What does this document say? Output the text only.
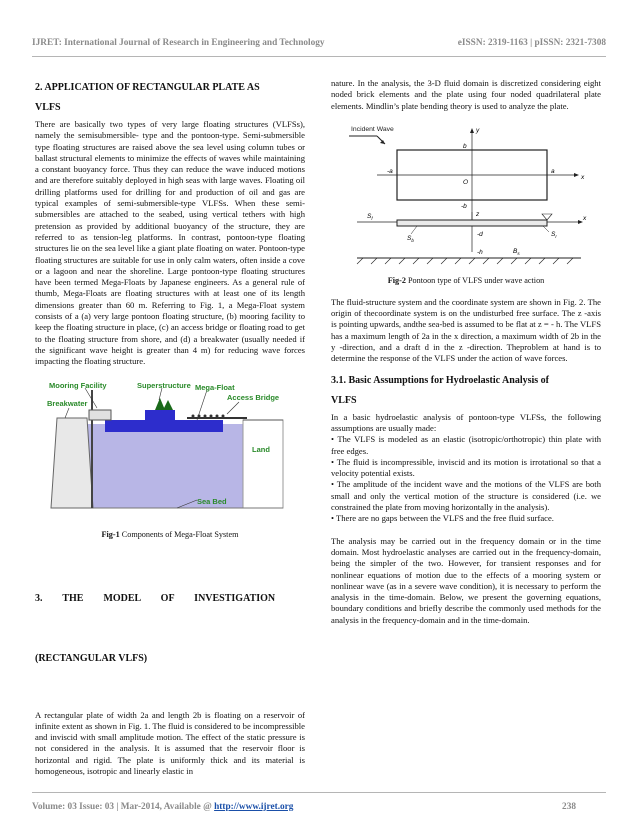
IJRET: International Journal of Research in Engineering and Technology	eISSN: 2319-1163 | pISSN: 2321-7308
2. APPLICATION OF RECTANGULAR PLATE AS
VLFS

There are basically two types of very large floating structures (VLFSs), namely the semisubmersible- type and the pontoon-type. Semi-submersible type floating structures are raised above the sea level using column tubes or ballast structural elements to minimize the effects of waves while maintaining a constant buoyancy force. Thus they can reduce the wave induced motions and are therefore suitably deployed in high seas with large waves. Floating oil drilling platforms used for drilling for and production of oil and gas are typical examples of semi-submersible-type VLFSs. When these semi-submersibles are attached to the seabed, using vertical tethers with high pretension as provided by additional buoyancy of the structure, they are referred to as tension-leg platforms. In contrast, pontoon-type floating structures lie on the sea level like a giant plate floating on water. Pontoon-type floating structures are suitable for use in only calm waters, often inside a cove or a lagoon and near the shoreline. Large pontoon-type floating structures have been termed Mega-Floats by Japanese engineers. As a general rule of thumb, Mega-Floats are floating structures with at least one of its length dimensions greater than 60 m. Referring to Fig. 1, a Mega-Float system consists of a (a) very large pontoon floating structure, (b) mooring facility to keep the floating structure in place, (c) an access bridge or floating road to get to the floating structure from shore, and (d) a breakwater (usually needed if the significant wave height is greater than 4 m) for reducing wave forces impacting the floating structure.

Mooring Facility	Superstructure Mega-Float
Access Bridge
Breakwater
Land
Sea Bed
Fig-1 Components of Mega-Float System

3.        THE        MODEL        OF        INVESTIGATION

(RECTANGULAR VLFS)

A rectangular plate of width 2a and length 2b is floating on a reservoir of infinite extent as shown in Fig. 1. The fluid is considered to be incompressible and inviscid with small amplitude motion. The effect of the static pressure is not considered in the analysis. It is assumed that the reservoir floor is horizontal and rigid. The plate is uniformly thick and its material is homogeneous, isotropic and linearly elastic in

nature. In the analysis, the 3-D fluid domain is discretized considering eight noded brick elements and the plate using four noded quadrilateral plate elements. Mindlin’s plate bending theory is used to analyze the plate.

Incident Wave	y
b
-a	a
O
x
-b
z
x
$S_f$
$S_b$
-d	$S_r$
-h	$B_s$
Fig-2 Pontoon type of VLFS under wave action

The fluid-structure system and the coordinate system are shown in Fig. 2. The origin of thecoordinate system is on the undisturbed free surface. The z -axis is pointing upwards, andthe sea-bed is assumed to be flat at z = - h. The VLFS has a maximum length of 2a in the x direction, a maximum width of 2b in the y -direction, and a draft d in the z -direction. Theproblem at hand is to determine the response of the VLFS under the action of wave forces.

3.1. Basic Assumptions for Hydroelastic Analysis of
VLFS

In a basic hydroelastic analysis of pontoon-type VLFSs, the following assumptions are usually made:

• The VLFS is modeled as an elastic (isotropic/orthotropic) thin plate with free edges.

• The fluid is incompressible, inviscid and its motion is irrotational so that a velocity potential exists.

• The amplitude of the incident wave and the motions of the VLFS are both small and only the vertical motion of the structure is considered (i.e. we constrained the plate from moving horizontally in the analysis).

• There are no gaps between the VLFS and the free fluid surface.

The analysis may be carried out in the frequency domain or in the time domain. Most hydroelastic analyses are carried out in the frequency-domain, being the simpler of the two. However, for transient responses and for nonlinear equations of motion due to the effects of a mooring system or nonlinear wave (as in a severe wave condition), it is necessary to perform the analysis in the time-domain. Below, we present the governing equations, boundary conditions and briefly describe the commonly used methods for the analysis in the frequency-domain and in the time-domain.

Volume: 03 Issue: 03 | Mar-2014, Available @ http://www.ijret.org	238
